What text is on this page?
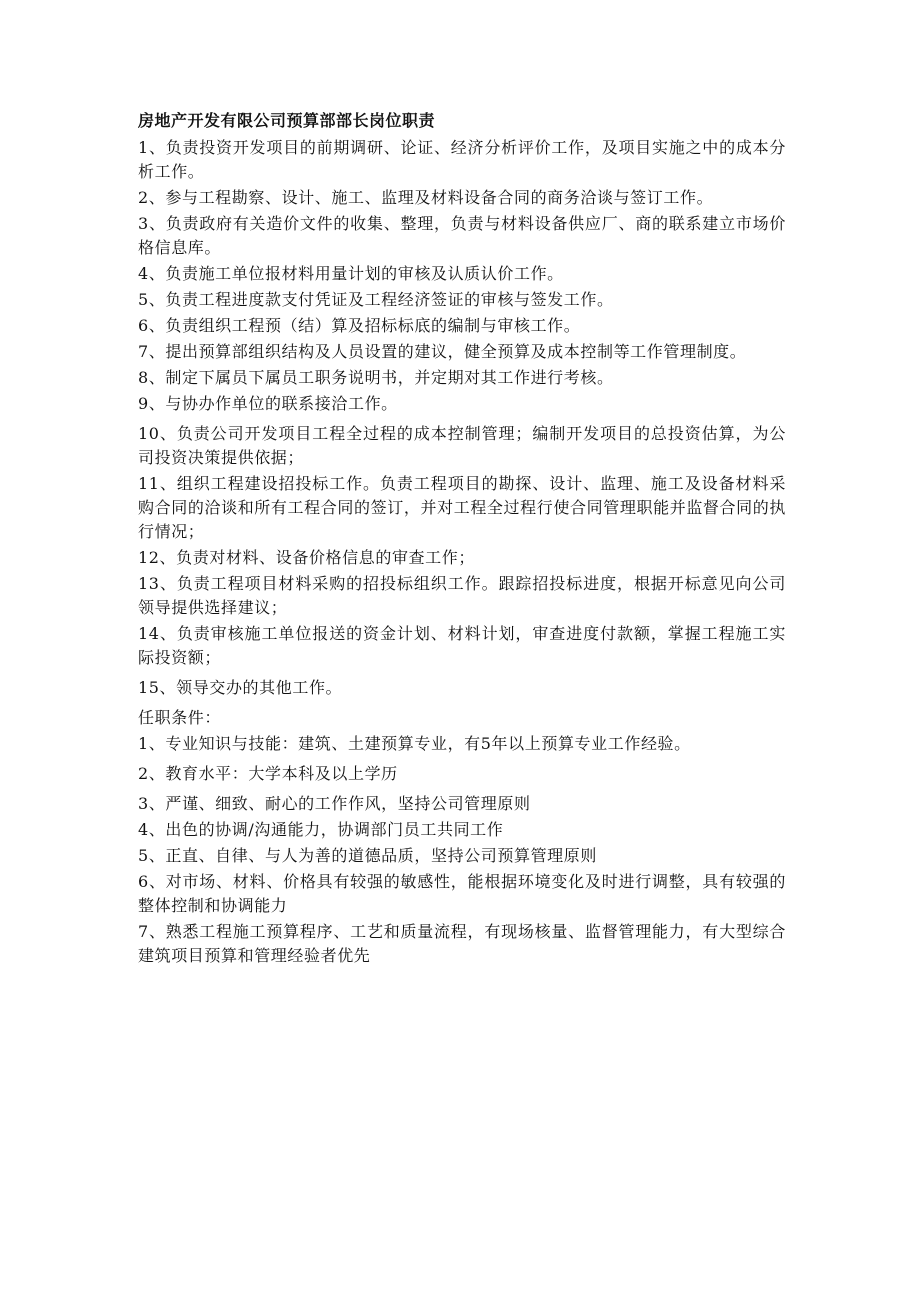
房地产开发有限公司预算部部长岗位职责
1、负责投资开发项目的前期调研、论证、经济分析评价工作，及项目实施之中的成本分析工作。
2、参与工程勘察、设计、施工、监理及材料设备合同的商务洽谈与签订工作。
3、负责政府有关造价文件的收集、整理，负责与材料设备供应厂、商的联系建立市场价格信息库。
4、负责施工单位报材料用量计划的审核及认质认价工作。
5、负责工程进度款支付凭证及工程经济签证的审核与签发工作。
6、负责组织工程预（结）算及招标标底的编制与审核工作。
7、提出预算部组织结构及人员设置的建议，健全预算及成本控制等工作管理制度。
8、制定下属员下属员工职务说明书，并定期对其工作进行考核。
9、与协办作单位的联系接洽工作。
10、负责公司开发项目工程全过程的成本控制管理；编制开发项目的总投资估算，为公司投资决策提供依据；
11、组织工程建设招投标工作。负责工程项目的勘探、设计、监理、施工及设备材料采购合同的洽谈和所有工程合同的签订，并对工程全过程行使合同管理职能并监督合同的执行情况；
12、负责对材料、设备价格信息的审查工作；
13、负责工程项目材料采购的招投标组织工作。跟踪招投标进度，根据开标意见向公司领导提供选择建议；
14、负责审核施工单位报送的资金计划、材料计划，审查进度付款额，掌握工程施工实际投资额；
15、领导交办的其他工作。
任职条件：
1、专业知识与技能：建筑、土建预算专业，有5年以上预算专业工作经验。
2、教育水平：大学本科及以上学历
3、严谨、细致、耐心的工作作风，坚持公司管理原则
4、出色的协调/沟通能力，协调部门员工共同工作
5、正直、自律、与人为善的道德品质，坚持公司预算管理原则
6、对市场、材料、价格具有较强的敏感性，能根据环境变化及时进行调整，具有较强的整体控制和协调能力
7、熟悉工程施工预算程序、工艺和质量流程，有现场核量、监督管理能力，有大型综合建筑项目预算和管理经验者优先
